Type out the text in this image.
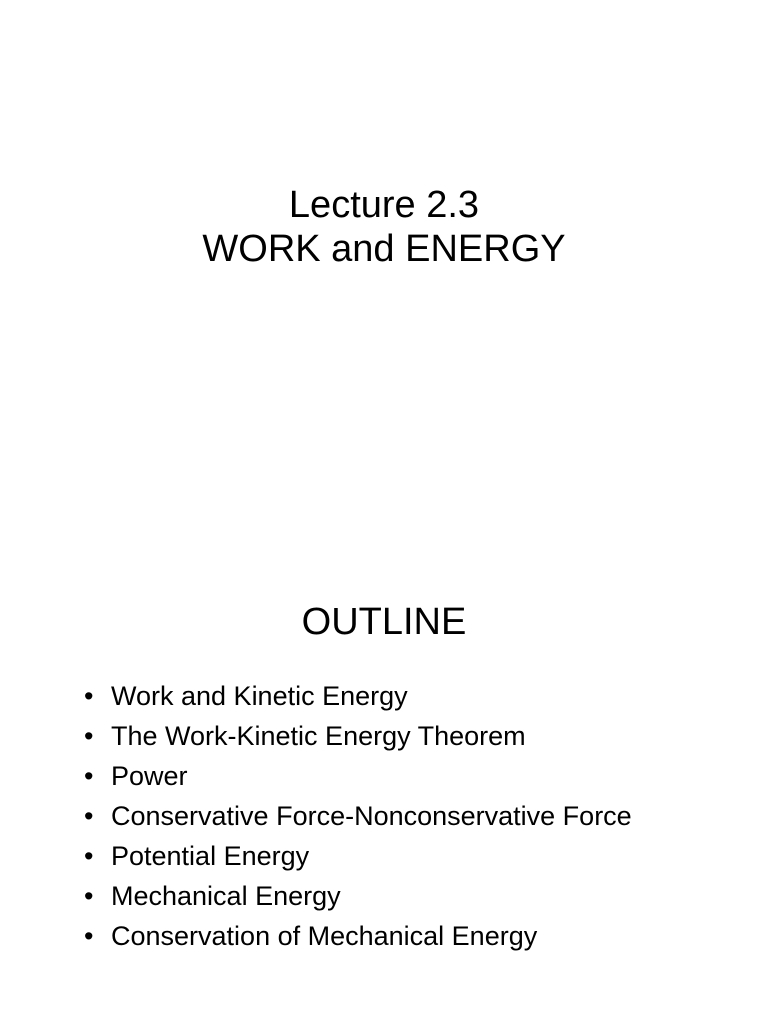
Lecture 2.3
WORK and ENERGY
OUTLINE
• Work and Kinetic Energy
• The Work-Kinetic Energy Theorem
• Power
• Conservative Force-Nonconservative Force
• Potential Energy
• Mechanical Energy
• Conservation of Mechanical Energy
